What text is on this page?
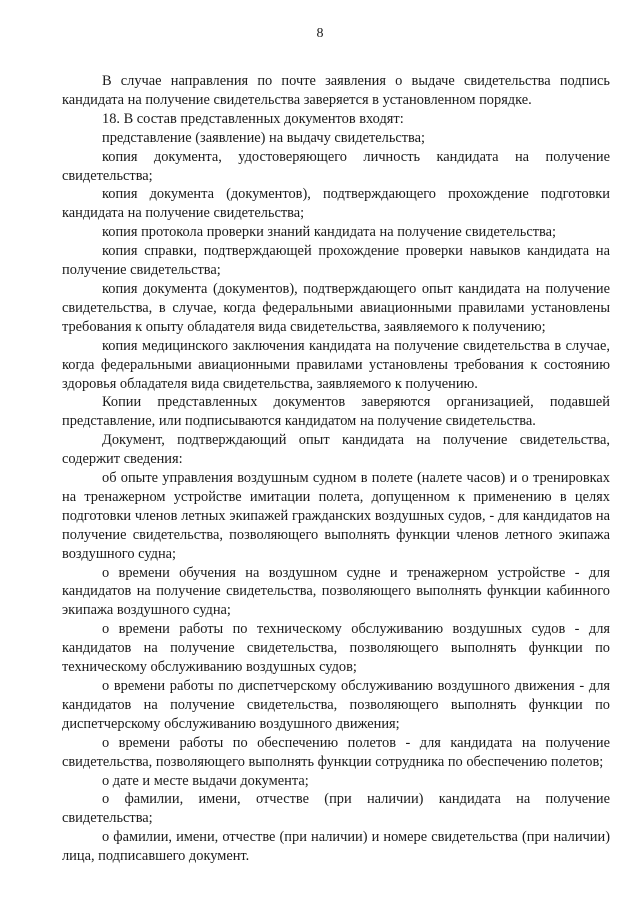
8

В случае направления по почте заявления о выдаче свидетельства подпись кандидата на получение свидетельства заверяется в установленном порядке.

18. В состав представленных документов входят:

представление (заявление) на выдачу свидетельства;

копия документа, удостоверяющего личность кандидата на получение свидетельства;

копия документа (документов), подтверждающего прохождение подготовки кандидата на получение свидетельства;

копия протокола проверки знаний кандидата на получение свидетельства;

копия справки, подтверждающей прохождение проверки навыков кандидата на получение свидетельства;

копия документа (документов), подтверждающего опыт кандидата на получение свидетельства, в случае, когда федеральными авиационными правилами установлены требования к опыту обладателя вида свидетельства, заявляемого к получению;

копия медицинского заключения кандидата на получение свидетельства в случае, когда федеральными авиационными правилами установлены требования к состоянию здоровья обладателя вида свидетельства, заявляемого к получению.

Копии представленных документов заверяются организацией, подавшей представление, или подписываются кандидатом на получение свидетельства.

Документ, подтверждающий опыт кандидата на получение свидетельства, содержит сведения:

об опыте управления воздушным судном в полете (налете часов) и о тренировках на тренажерном устройстве имитации полета, допущенном к применению в целях подготовки членов летных экипажей гражданских воздушных судов, - для кандидатов на получение свидетельства, позволяющего выполнять функции членов летного экипажа воздушного судна;

о времени обучения на воздушном судне и тренажерном устройстве - для кандидатов на получение свидетельства, позволяющего выполнять функции кабинного экипажа воздушного судна;

о времени работы по техническому обслуживанию воздушных судов - для кандидатов на получение свидетельства, позволяющего выполнять функции по техническому обслуживанию воздушных судов;

о времени работы по диспетчерскому обслуживанию воздушного движения - для кандидатов на получение свидетельства, позволяющего выполнять функции по диспетчерскому обслуживанию воздушного движения;

о времени работы по обеспечению полетов - для кандидата на получение свидетельства, позволяющего выполнять функции сотрудника по обеспечению полетов;

о дате и месте выдачи документа;

о фамилии, имени, отчестве (при наличии) кандидата на получение свидетельства;

о фамилии, имени, отчестве (при наличии) и номере свидетельства (при наличии) лица, подписавшего документ.
